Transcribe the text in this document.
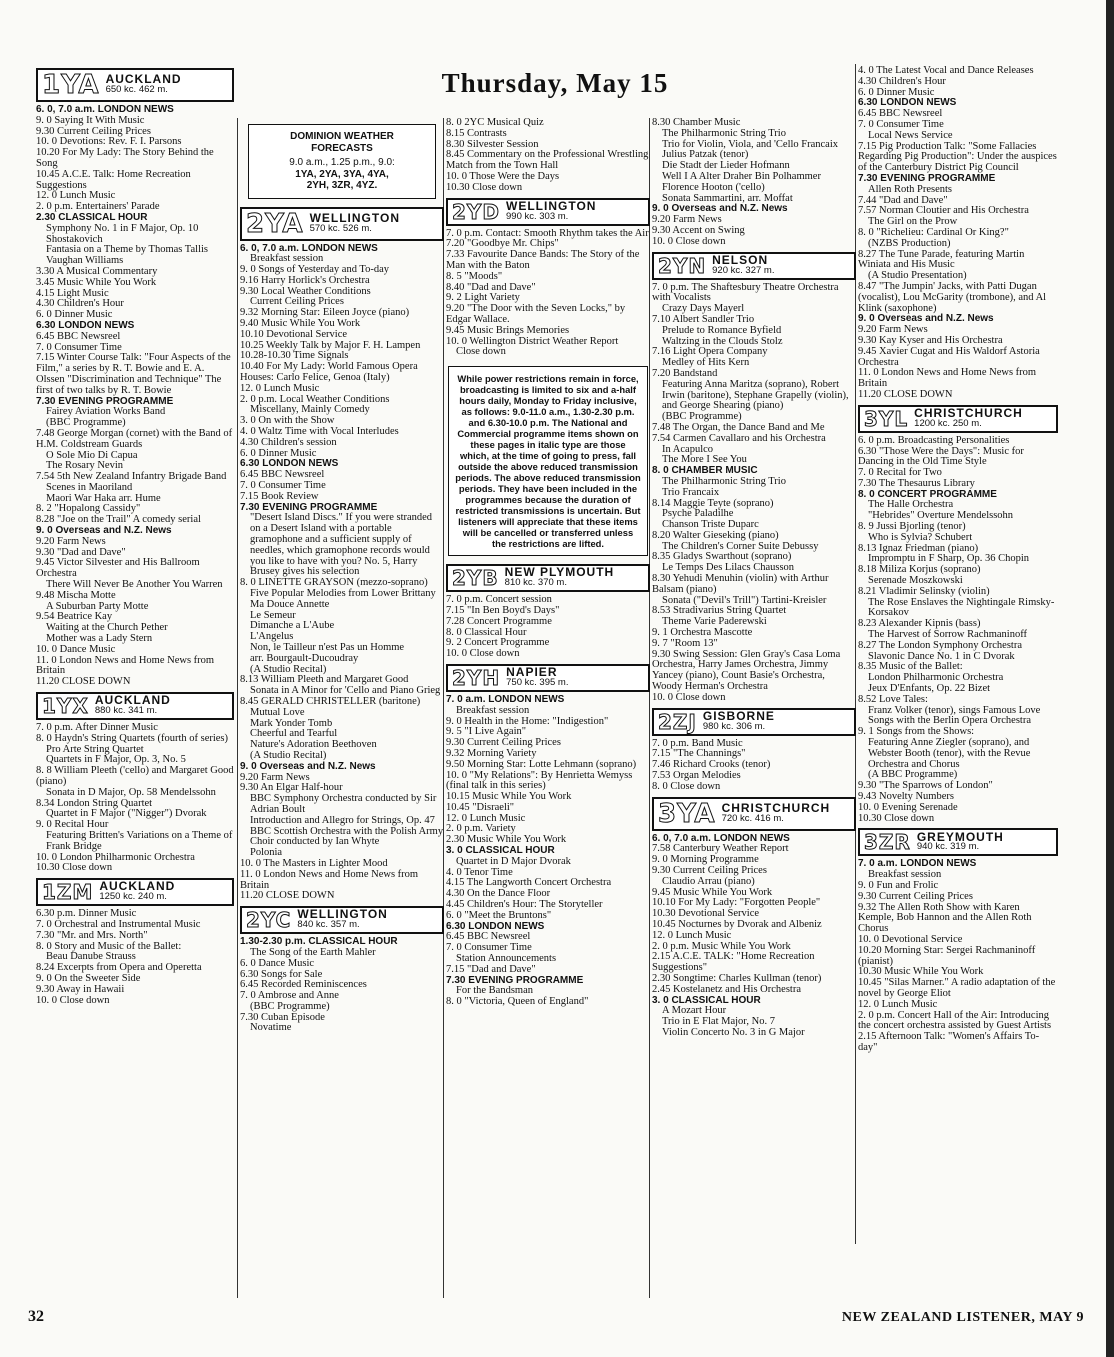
Thursday, May 15
1YA AUCKLAND
650 kc. 462 m.
6. 0, 7.0 a.m. LONDON NEWS
9. 0 Saying It With Music
9.30 Current Ceiling Prices
10. 0 Devotions: Rev. F. I. Parsons
10.20 For My Lady: The Story Behind the Song
10.45 A.C.E. Talk: Home Recreation Suggestions
12. 0 Lunch Music
2. 0 p.m. Entertainers' Parade
2.30 CLASSICAL HOUR
Symphony No. 1 in F Major, Op. 10 Shostakovich
Fantasia on a Theme by Thomas Tallis Vaughan Williams
3.30 A Musical Commentary
3.45 Music While You Work
4.15 Light Music
4.30 Children's Hour
6. 0 Dinner Music
6.30 LONDON NEWS
6.45 BBC Newsreel
7. 0 Consumer Time
7.15 Winter Course Talk: "Four Aspects of the Film," a series by R. T. Bowie and E. A. Olssen "Discrimination and Technique" The first of two talks by R. T. Bowie
7.30 EVENING PROGRAMME
Fairey Aviation Works Band
(BBC Programme)
7.48 George Morgan (cornet) with the Band of H.M. Coldstream Guards
O Sole Mio Di Capua
The Rosary Nevin
7.54 5th New Zealand Infantry Brigade Band
Scenes in Maoriland
Maori War Haka arr. Hume
8. 2 "Hopalong Cassidy"
8.28 "Joe on the Trail" A comedy serial
9. 0 Overseas and N.Z. News
9.20 Farm News
9.30 "Dad and Dave"
9.45 Victor Silvester and His Ballroom Orchestra
There Will Never Be Another You Warren
9.48 Mischa Motte
A Suburban Party Motte
9.54 Beatrice Kay
Waiting at the Church Pether
Mother was a Lady Stern
10. 0 Dance Music
11. 0 London News and Home News from Britain
11.20 CLOSE DOWN
1YX AUCKLAND
880 kc. 341 m.
7. 0 p.m. After Dinner Music
8. 0 Haydn's String Quartets (fourth of series)
Pro Arte String Quartet
Quartets in F Major, Op. 3, No. 5
8. 8 William Pleeth ('cello) and Margaret Good (piano)
Sonata in D Major, Op. 58 Mendelssohn
8.34 London String Quartet
Quartet in F Major ("Nigger") Dvorak
9. 0 Recital Hour
Featuring Britten's Variations on a Theme of Frank Bridge
10. 0 London Philharmonic Orchestra
10.30 Close down
1ZM AUCKLAND
1250 kc. 240 m.
6.30 p.m. Dinner Music
7. 0 Orchestral and Instrumental Music
7.30 "Mr. and Mrs. North"
8. 0 Story and Music of the Ballet:
Beau Danube Strauss
8.24 Excerpts from Opera and Operetta
9. 0 On the Sweeter Side
9.30 Away in Hawaii
10. 0 Close down
DOMINION WEATHER
FORECASTS
9.0 a.m., 1.25 p.m., 9.0:
1YA, 2YA, 3YA, 4YA,
2YH, 3ZR, 4YZ.
2YA WELLINGTON
570 kc. 526 m.
6. 0, 7.0 a.m. LONDON NEWS
Breakfast session
9. 0 Songs of Yesterday and To-day
9.16 Harry Horlick's Orchestra
9.30 Local Weather Conditions
Current Ceiling Prices
9.32 Morning Star: Eileen Joyce (piano)
9.40 Music While You Work
10.10 Devotional Service
10.25 Weekly Talk by Major F. H. Lampen
10.28-10.30 Time Signals
10.40 For My Lady: World Famous Opera Houses: Carlo Felice, Genoa (Italy)
12. 0 Lunch Music
2. 0 p.m. Local Weather Conditions
Miscellany, Mainly Comedy
3. 0 On with the Show
4. 0 Waltz Time with Vocal Interludes
4.30 Children's session
6. 0 Dinner Music
6.30 LONDON NEWS
6.45 BBC Newsreel
7. 0 Consumer Time
7.15 Book Review
7.30 EVENING PROGRAMME
"Desert Island Discs." If you were stranded on a Desert Island with a portable gramophone and a sufficient supply of needles, which gramophone records would you like to have with you? No. 5, Harry Brusey gives his selection
8. 0 LINETTE GRAYSON (mezzo-soprano)
Five Popular Melodies from Lower Brittany
Ma Douce Annette
Le Semeur
Dimanche a L'Aube
L'Angelus
Non, le Tailleur n'est Pas un Homme
arr. Bourgault-Ducoudray
(A Studio Recital)
8.13 William Pleeth and Margaret Good
Sonata in A Minor for 'Cello and Piano Grieg
8.45 GERALD CHRISTELLER (baritone)
Mutual Love
Mark Yonder Tomb
Cheerful and Tearful
Nature's Adoration Beethoven
(A Studio Recital)
9. 0 Overseas and N.Z. News
9.20 Farm News
9.30 An Elgar Half-hour
BBC Symphony Orchestra conducted by Sir Adrian Boult
Introduction and Allegro for Strings, Op. 47
BBC Scottish Orchestra with the Polish Army Choir conducted by Ian Whyte
Polonia
10. 0 The Masters in Lighter Mood
11. 0 London News and Home News from Britain
11.20 CLOSE DOWN
2YC WELLINGTON
840 kc. 357 m.
1.30-2.30 p.m. CLASSICAL HOUR
The Song of the Earth Mahler
6. 0 Dance Music
6.30 Songs for Sale
6.45 Recorded Reminiscences
7. 0 Ambrose and Anne
(BBC Programme)
7.30 Cuban Episode
Novatime
8. 0 2YC Musical Quiz
8.15 Contrasts
8.30 Silvester Session
8.45 Commentary on the Professional Wrestling Match from the Town Hall
10. 0 Those Were the Days
10.30 Close down
2YD WELLINGTON
990 kc. 303 m.
7. 0 p.m. Contact: Smooth Rhythm takes the Air
7.20 "Goodbye Mr. Chips"
7.33 Favourite Dance Bands: The Story of the Man with the Baton
8. 5 "Moods"
8.40 "Dad and Dave"
9. 2 Light Variety
9.20 "The Door with the Seven Locks," by Edgar Wallace.
9.45 Music Brings Memories
10. 0 Wellington District Weather Report
Close down
While power restrictions remain in force, broadcasting is limited to six and a-half hours daily, Monday to Friday inclusive, as follows: 9.0-11.0 a.m., 1.30-2.30 p.m. and 6.30-10.0 p.m. The National and Commercial programme items shown on these pages in italic type are those which, at the time of going to press, fall outside the above reduced transmission periods. The above reduced transmission periods. They have been included in the programmes because the duration of restricted transmissions is uncertain. But listeners will appreciate that these items will be cancelled or transferred unless the restrictions are lifted.
2YB NEW PLYMOUTH
810 kc. 370 m.
7. 0 p.m. Concert session
7.15 "In Ben Boyd's Days"
7.28 Concert Programme
8. 0 Classical Hour
9. 2 Concert Programme
10. 0 Close down
2YH NAPIER
750 kc. 395 m.
7. 0 a.m. LONDON NEWS
Breakfast session
9. 0 Health in the Home: "Indigestion"
9. 5 "I Live Again"
9.30 Current Ceiling Prices
9.32 Morning Variety
9.50 Morning Star: Lotte Lehmann (soprano)
10. 0 "My Relations": By Henrietta Wemyss (final talk in this series)
10.15 Music While You Work
10.45 "Disraeli"
12. 0 Lunch Music
2. 0 p.m. Variety
2.30 Music While You Work
3. 0 CLASSICAL HOUR
Quartet in D Major Dvorak
4. 0 Tenor Time
4.15 The Langworth Concert Orchestra
4.30 On the Dance Floor
4.45 Children's Hour: The Storyteller
6. 0 "Meet the Bruntons"
6.30 LONDON NEWS
6.45 BBC Newsreel
7. 0 Consumer Time
Station Announcements
7.15 "Dad and Dave"
7.30 EVENING PROGRAMME
For the Bandsman
8. 0 "Victoria, Queen of England"
8.30 Chamber Music
The Philharmonic String Trio
Trio for Violin, Viola, and 'Cello Francaix
Julius Patzak (tenor)
Die Stadt der Lieder Hofmann
Well I A Alter Draher Bin Polhammer
Florence Hooton ('cello)
Sonata Sammartini, arr. Moffat
9. 0 Overseas and N.Z. News
9.20 Farm News
9.30 Accent on Swing
10. 0 Close down
2YN NELSON
920 kc. 327 m.
7. 0 p.m. The Shaftesbury Theatre Orchestra with Vocalists
Crazy Days Mayerl
7.10 Albert Sandler Trio
Prelude to Romance Byfield
Waltzing in the Clouds Stolz
7.16 Light Opera Company
Medley of Hits Kern
7.20 Bandstand
Featuring Anna Maritza (soprano), Robert Irwin (baritone), Stephane Grapelly (violin), and George Shearing (piano)
(BBC Programme)
7.48 The Organ, the Dance Band and Me
7.54 Carmen Cavallaro and his Orchestra
In Acapulco
The More I See You
8. 0 CHAMBER MUSIC
The Philharmonic String Trio
Trio Francaix
8.14 Maggie Teyte (soprano)
Psyche Paladilhe
Chanson Triste Duparc
8.20 Walter Gieseking (piano)
The Children's Corner Suite Debussy
8.35 Gladys Swarthout (soprano)
Le Temps Des Lilacs Chausson
8.30 Yehudi Menuhin (violin) with Arthur Balsam (piano)
Sonata ("Devil's Trill") Tartini-Kreisler
8.53 Stradivarius String Quartet
Theme Varie Paderewski
9. 1 Orchestra Mascotte
9. 7 "Room 13"
9.30 Swing Session: Glen Gray's Casa Loma Orchestra, Harry James Orchestra, Jimmy Yancey (piano), Count Basie's Orchestra, Woody Herman's Orchestra
10. 0 Close down
2ZJ GISBORNE
980 kc. 306 m.
7. 0 p.m. Band Music
7.15 "The Channings"
7.46 Richard Crooks (tenor)
7.53 Organ Melodies
8. 0 Close down
3YA CHRISTCHURCH
720 kc. 416 m.
6. 0, 7.0 a.m. LONDON NEWS
7.58 Canterbury Weather Report
9. 0 Morning Programme
9.30 Current Ceiling Prices
Claudio Arrau (piano)
9.45 Music While You Work
10.10 For My Lady: "Forgotten People"
10.30 Devotional Service
10.45 Nocturnes by Dvorak and Albeniz
12. 0 Lunch Music
2. 0 p.m. Music While You Work
2.15 A.C.E. TALK: "Home Recreation Suggestions"
2.30 Songtime: Charles Kullman (tenor)
2.45 Kostelanetz and His Orchestra
3. 0 CLASSICAL HOUR
A Mozart Hour
Trio in E Flat Major, No. 7
Violin Concerto No. 3 in G Major
4. 0 The Latest Vocal and Dance Releases
4.30 Children's Hour
6. 0 Dinner Music
6.30 LONDON NEWS
6.45 BBC Newsreel
7. 0 Consumer Time
Local News Service
7.15 Pig Production Talk: "Some Fallacies Regarding Pig Production": Under the auspices of the Canterbury District Pig Council
7.30 EVENING PROGRAMME
Allen Roth Presents
7.44 "Dad and Dave"
7.57 Norman Cloutier and His Orchestra
The Girl on the Prow
8. 0 "Richelieu: Cardinal Or King?"
(NZBS Production)
8.27 The Tune Parade, featuring Martin Winiata and His Music
(A Studio Presentation)
8.47 "The Jumpin' Jacks, with Patti Dugan (vocalist), Lou McGarity (trombone), and Al Klink (saxophone)
9. 0 Overseas and N.Z. News
9.20 Farm News
9.30 Kay Kyser and His Orchestra
9.45 Xavier Cugat and His Waldorf Astoria Orchestra
11. 0 London News and Home News from Britain
11.20 CLOSE DOWN
3YL CHRISTCHURCH
1200 kc. 250 m.
6. 0 p.m. Broadcasting Personalities
6.30 "Those Were the Days": Music for Dancing in the Old Time Style
7. 0 Recital for Two
7.30 The Thesaurus Library
8. 0 CONCERT PROGRAMME
The Halle Orchestra
"Hebrides" Overture Mendelssohn
8. 9 Jussi Bjorling (tenor)
Who is Sylvia? Schubert
8.13 Ignaz Friedman (piano)
Impromptu in F Sharp, Op. 36 Chopin
8.18 Miliza Korjus (soprano)
Serenade Moszkowski
8.21 Vladimir Selinsky (violin)
The Rose Enslaves the Nightingale Rimsky-Korsakov
8.23 Alexander Kipnis (bass)
The Harvest of Sorrow Rachmaninoff
8.27 The London Symphony Orchestra
Slavonic Dance No. 1 in C Dvorak
8.35 Music of the Ballet:
London Philharmonic Orchestra
Jeux D'Enfants, Op. 22 Bizet
8.52 Love Tales:
Franz Volker (tenor), sings Famous Love Songs with the Berlin Opera Orchestra
9. 1 Songs from the Shows:
Featuring Anne Ziegler (soprano), and Webster Booth (tenor), with the Revue Orchestra and Chorus
(A BBC Programme)
9.30 "The Sparrows of London"
9.43 Novelty Numbers
10. 0 Evening Serenade
10.30 Close down
3ZR GREYMOUTH
940 kc. 319 m.
7. 0 a.m. LONDON NEWS
Breakfast session
9. 0 Fun and Frolic
9.30 Current Ceiling Prices
9.32 The Allen Roth Show with Karen Kemple, Bob Hannon and the Allen Roth Chorus
10. 0 Devotional Service
10.20 Morning Star: Sergei Rachmaninoff (pianist)
10.30 Music While You Work
10.45 "Silas Marner." A radio adaptation of the novel by George Eliot
12. 0 Lunch Music
2. 0 p.m. Concert Hall of the Air: Introducing the concert orchestra assisted by Guest Artists
2.15 Afternoon Talk: "Women's Affairs To-day"
32	NEW ZEALAND LISTENER, MAY 9
